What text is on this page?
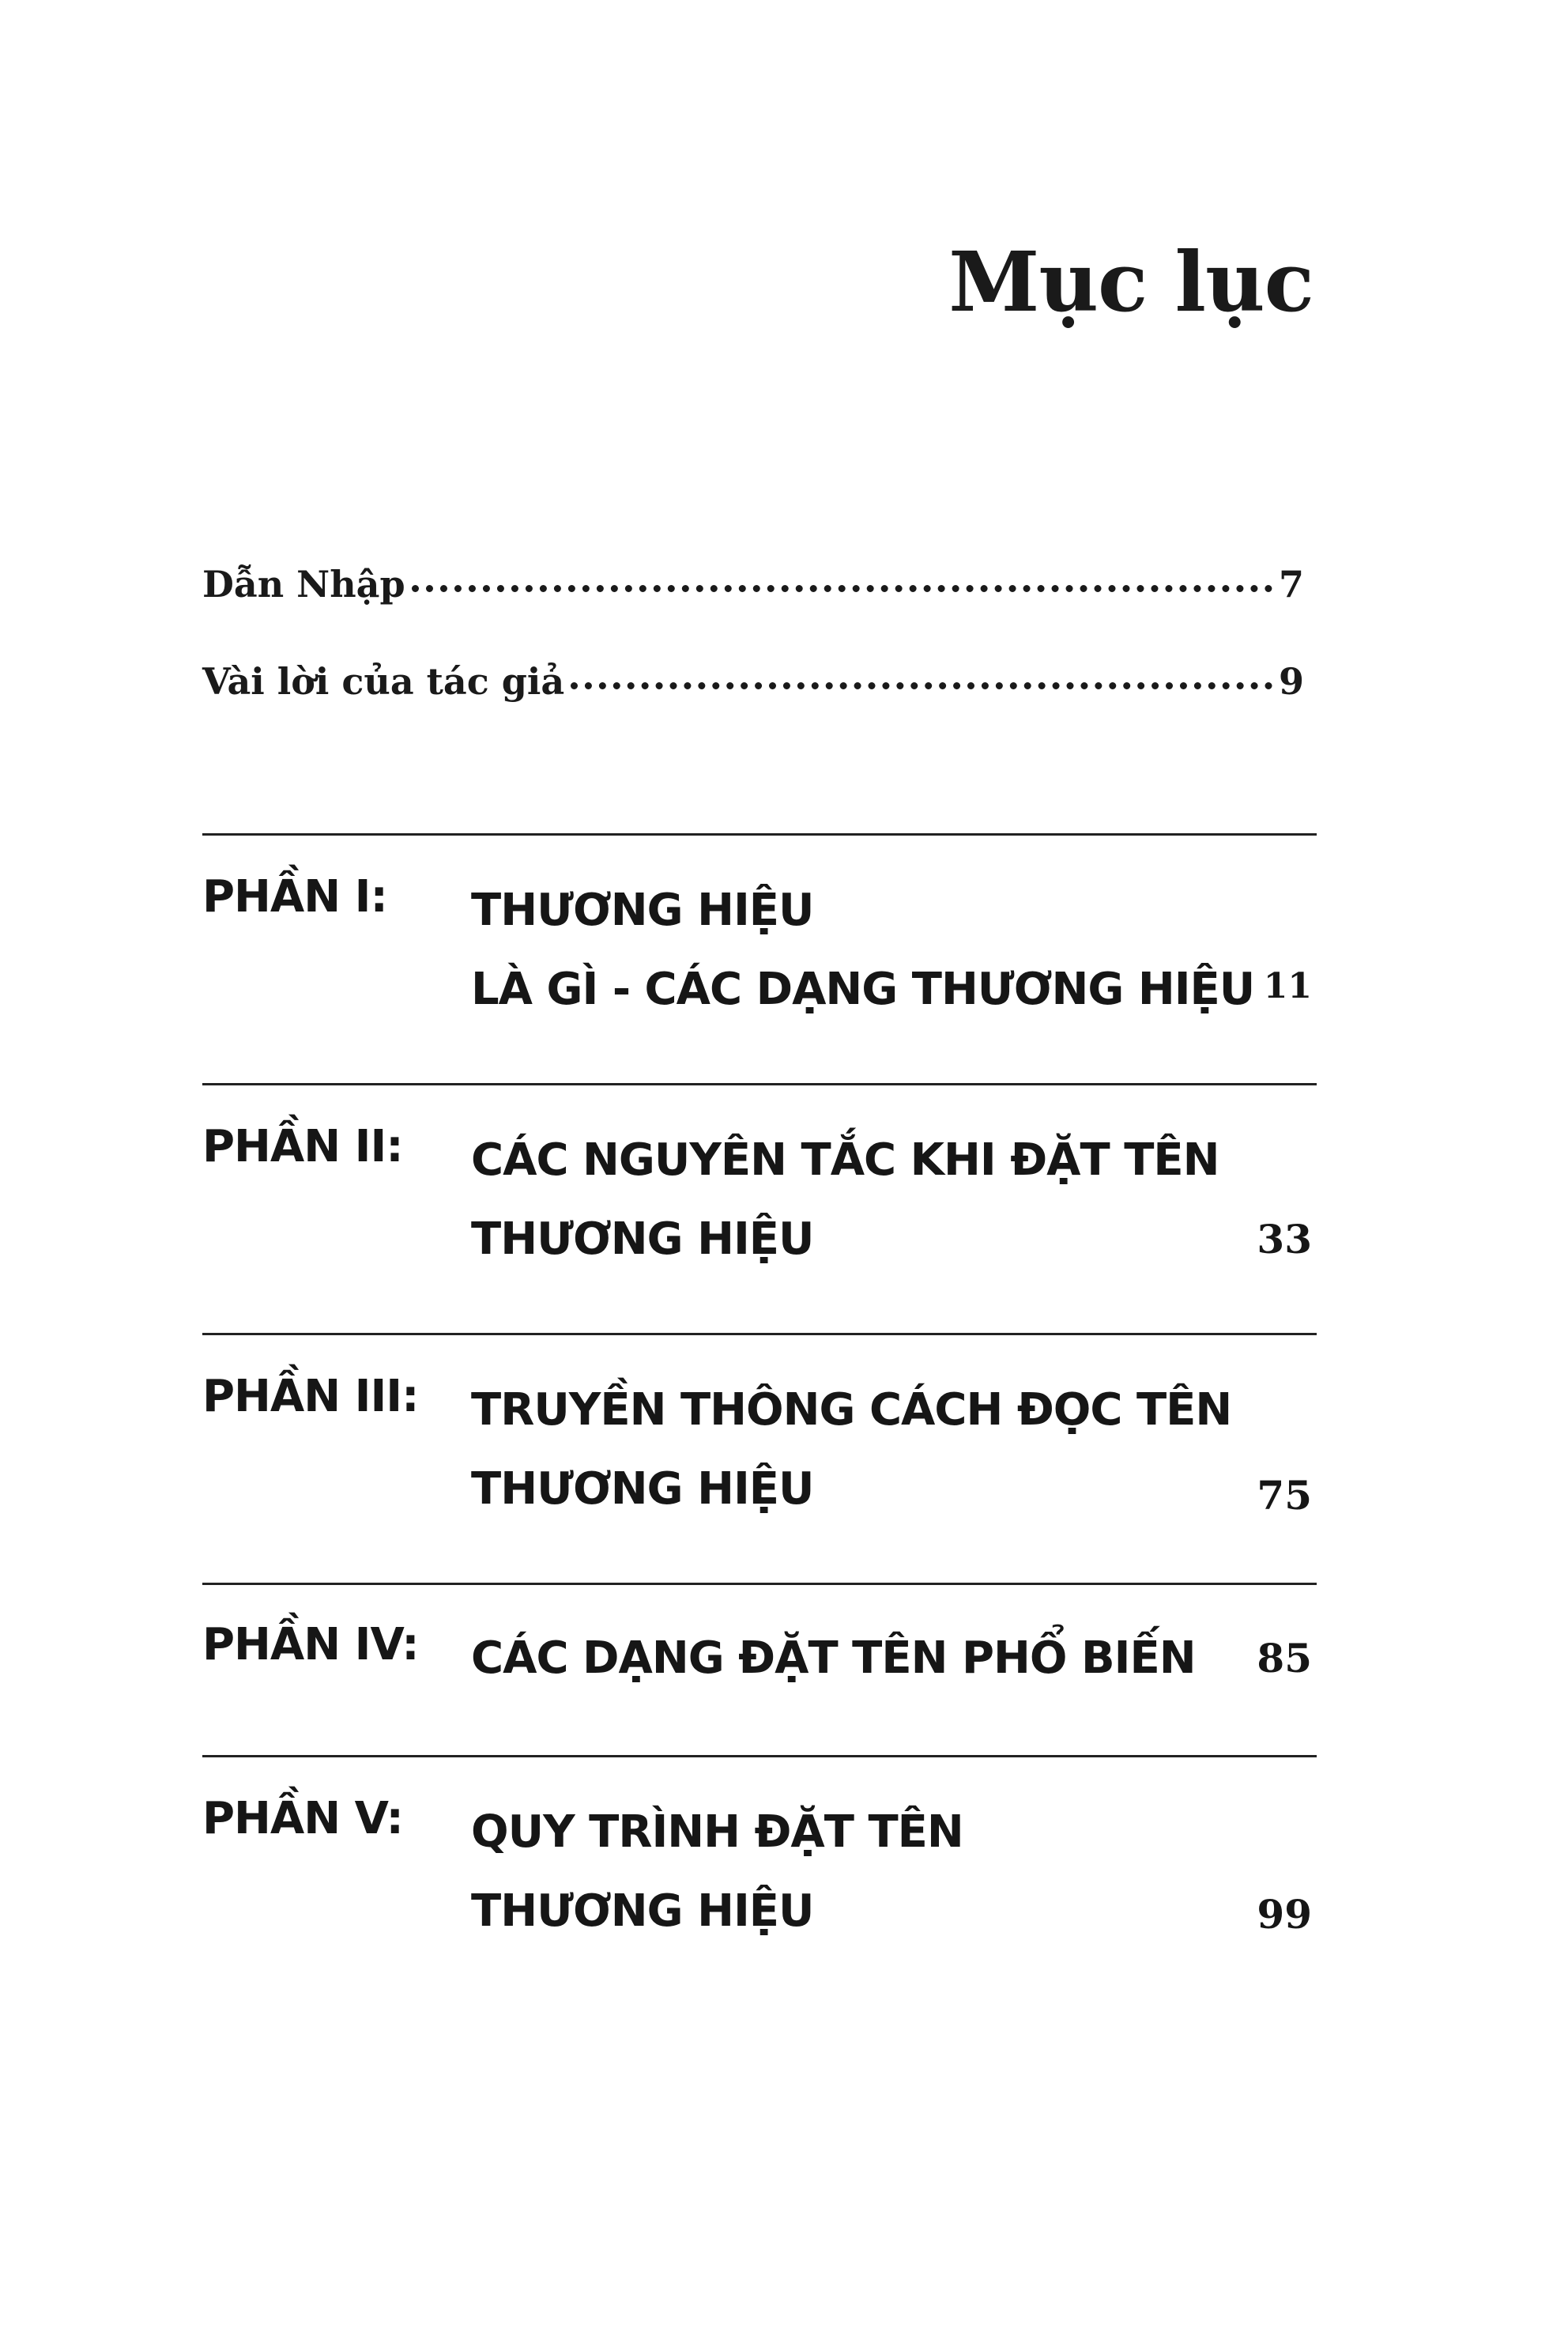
Mục lục
Dẫn Nhập	7
Vài lời của tác giả	9
PHẦN I: THƯƠNG HIỆU
LÀ GÌ - CÁC DẠNG THƯƠNG HIỆU 11
PHẦN II: CÁC NGUYÊN TẮC KHI ĐẶT TÊN
THƯƠNG HIỆU	33
PHẦN III: TRUYỀN THÔNG CÁCH ĐỌC TÊN
THƯƠNG HIỆU	75
PHẦN IV: CÁC DẠNG ĐẶT TÊN PHỔ BIẾN 85
PHẦN V: QUY TRÌNH ĐẶT TÊN
THƯƠNG HIỆU	99
